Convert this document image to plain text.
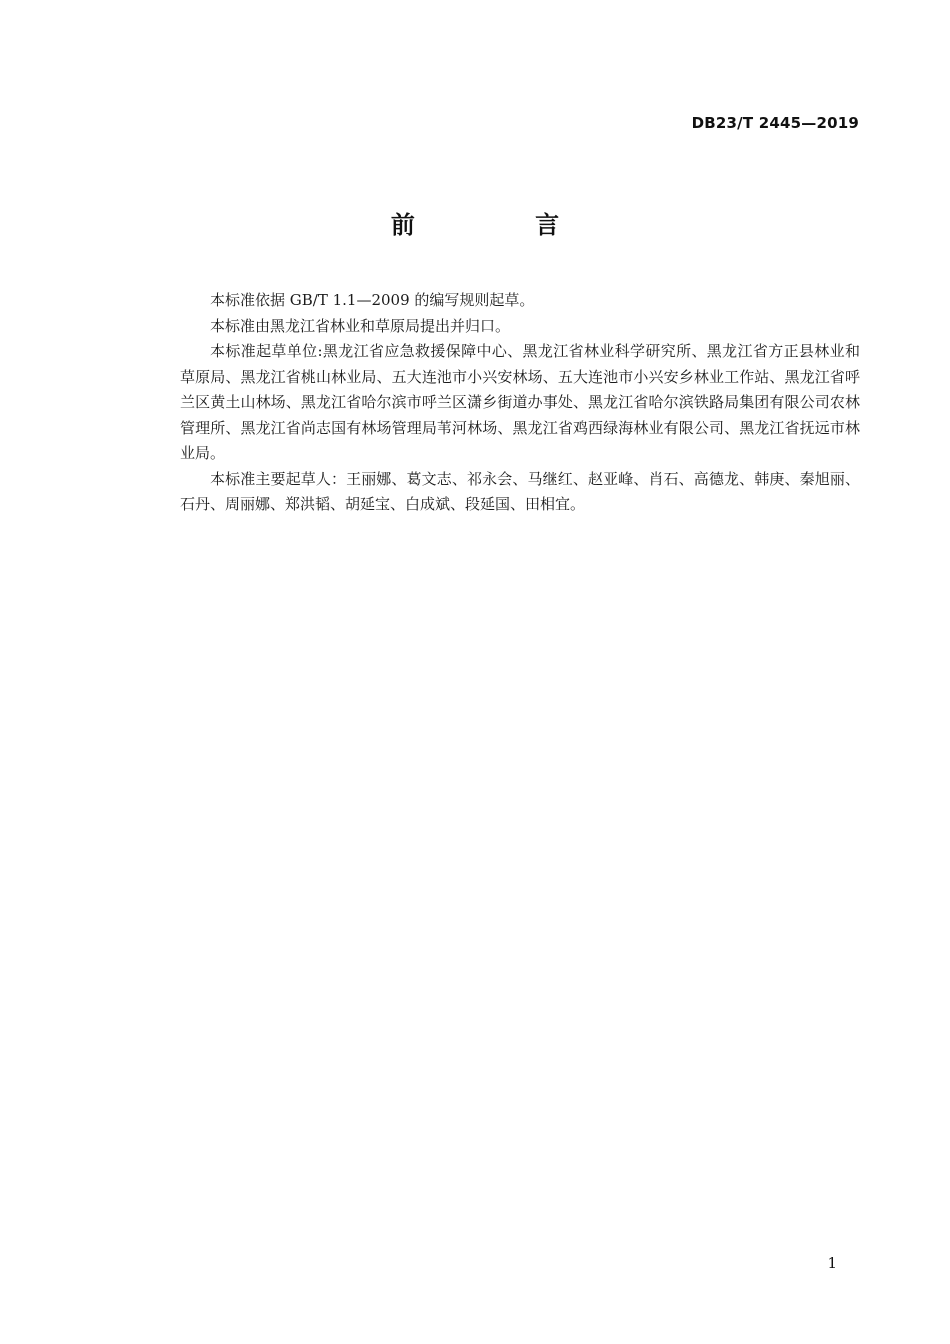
DB23/T 2445—2019
前 言

本标准依据 GB/T 1.1—2009 的编写规则起草。

本标准由黑龙江省林业和草原局提出并归口。

本标准起草单位:黑龙江省应急救援保障中心、黑龙江省林业科学研究所、黑龙江省方正县林业和草原局、黑龙江省桃山林业局、五大连池市小兴安林场、五大连池市小兴安乡林业工作站、黑龙江省呼兰区黄土山林场、黑龙江省哈尔滨市呼兰区潇乡街道办事处、黑龙江省哈尔滨铁路局集团有限公司农林管理所、黑龙江省尚志国有林场管理局苇河林场、黑龙江省鸡西绿海林业有限公司、黑龙江省抚远市林业局。

本标准主要起草人：王丽娜、葛文志、祁永会、马继红、赵亚峰、肖石、高德龙、韩庚、秦旭丽、石丹、周丽娜、郑洪韬、胡延宝、白成斌、段延国、田相宜。

1
